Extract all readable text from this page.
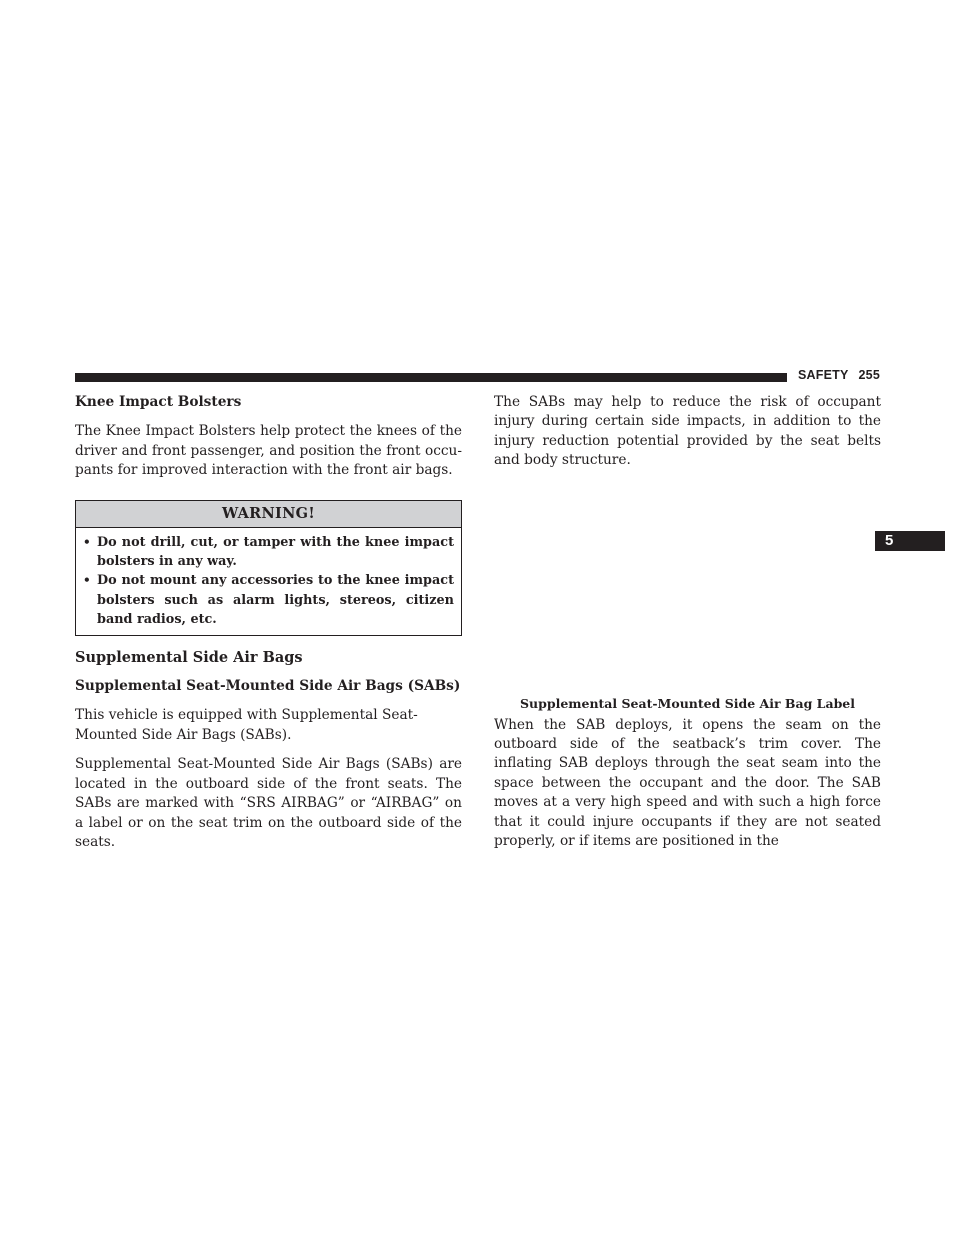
SAFETY 255
5

Knee Impact Bolsters

The Knee Impact Bolsters help protect the knees of the driver and front passenger, and position the front occupants for improved interaction with the front air bags.

WARNING!
• Do not drill, cut, or tamper with the knee impact bolsters in any way.
• Do not mount any accessories to the knee impact bolsters such as alarm lights, stereos, citizen band radios, etc.

Supplemental Side Air Bags

Supplemental Seat-Mounted Side Air Bags (SABs)

This vehicle is equipped with Supplemental Seat-Mounted Side Air Bags (SABs).

Supplemental Seat-Mounted Side Air Bags (SABs) are located in the outboard side of the front seats. The SABs are marked with “SRS AIRBAG” or “AIRBAG” on a label or on the seat trim on the outboard side of the seats.

The SABs may help to reduce the risk of occupant injury during certain side impacts, in addition to the injury reduction potential provided by the seat belts and body structure.

Supplemental Seat-Mounted Side Air Bag Label

When the SAB deploys, it opens the seam on the outboard side of the seatback’s trim cover. The inflating SAB deploys through the seat seam into the space between the occupant and the door. The SAB moves at a very high speed and with such a high force that it could injure occupants if they are not seated properly, or if items are positioned in the
